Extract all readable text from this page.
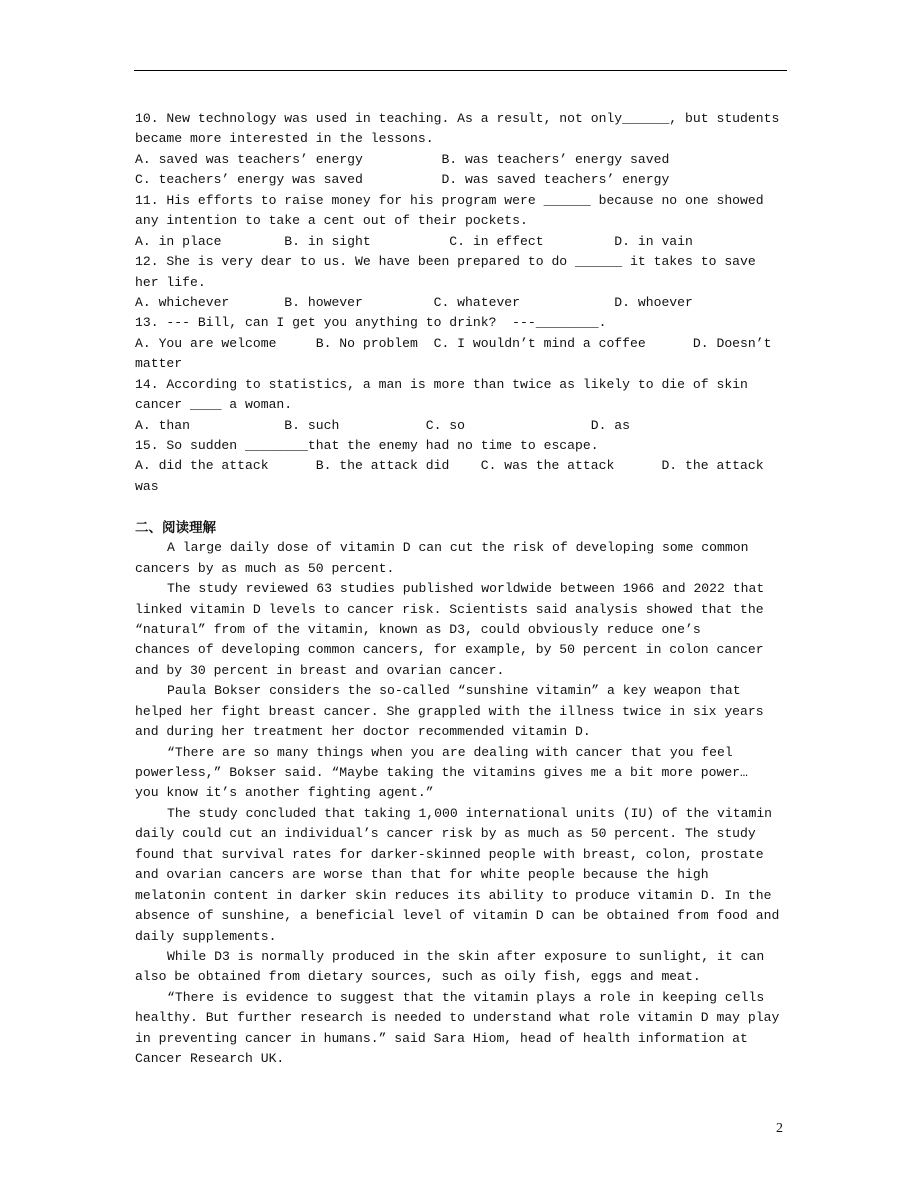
10. New technology was used in teaching. As a result, not only______, but students
became more interested in the lessons.
A. saved was teachers’ energy          B. was teachers’ energy saved
C. teachers’ energy was saved          D. was saved teachers’ energy
11. His efforts to raise money for his program were ______ because no one showed
any intention to take a cent out of their pockets.
A. in place        B. in sight          C. in effect         D. in vain
12. She is very dear to us. We have been prepared to do ______ it takes to save
her life.
A. whichever       B. however         C. whatever            D. whoever
13. --- Bill, can I get you anything to drink?  ---________.
A. You are welcome     B. No problem  C. I wouldn’t mind a coffee      D. Doesn’t
matter
14. According to statistics, a man is more than twice as likely to die of skin
cancer ____ a woman.
A. than            B. such           C. so                D. as
15. So sudden ________that the enemy had no time to escape.
A. did the attack      B. the attack did    C. was the attack      D. the attack
was
二、阅读理解
A large daily dose of vitamin D can cut the risk of developing some common
cancers by as much as 50 percent.
The study reviewed 63 studies published worldwide between 1966 and 2022 that
linked vitamin D levels to cancer risk. Scientists said analysis showed that the
“natural” from of the vitamin, known as D3, could obviously reduce one’s
chances of developing common cancers, for example, by 50 percent in colon cancer
and by 30 percent in breast and ovarian cancer.
Paula Bokser considers the so-called “sunshine vitamin” a key weapon that
helped her fight breast cancer. She grappled with the illness twice in six years
and during her treatment her doctor recommended vitamin D.
“There are so many things when you are dealing with cancer that you feel
powerless,” Bokser said. “Maybe taking the vitamins gives me a bit more power…
you know it’s another fighting agent.”
The study concluded that taking 1,000 international units (IU) of the vitamin
daily could cut an individual’s cancer risk by as much as 50 percent. The study
found that survival rates for darker-skinned people with breast, colon, prostate
and ovarian cancers are worse than that for white people because the high
melatonin content in darker skin reduces its ability to produce vitamin D. In the
absence of sunshine, a beneficial level of vitamin D can be obtained from food and
daily supplements.
While D3 is normally produced in the skin after exposure to sunlight, it can
also be obtained from dietary sources, such as oily fish, eggs and meat.
“There is evidence to suggest that the vitamin plays a role in keeping cells
healthy. But further research is needed to understand what role vitamin D may play
in preventing cancer in humans.” said Sara Hiom, head of health information at
Cancer Research UK.
2
